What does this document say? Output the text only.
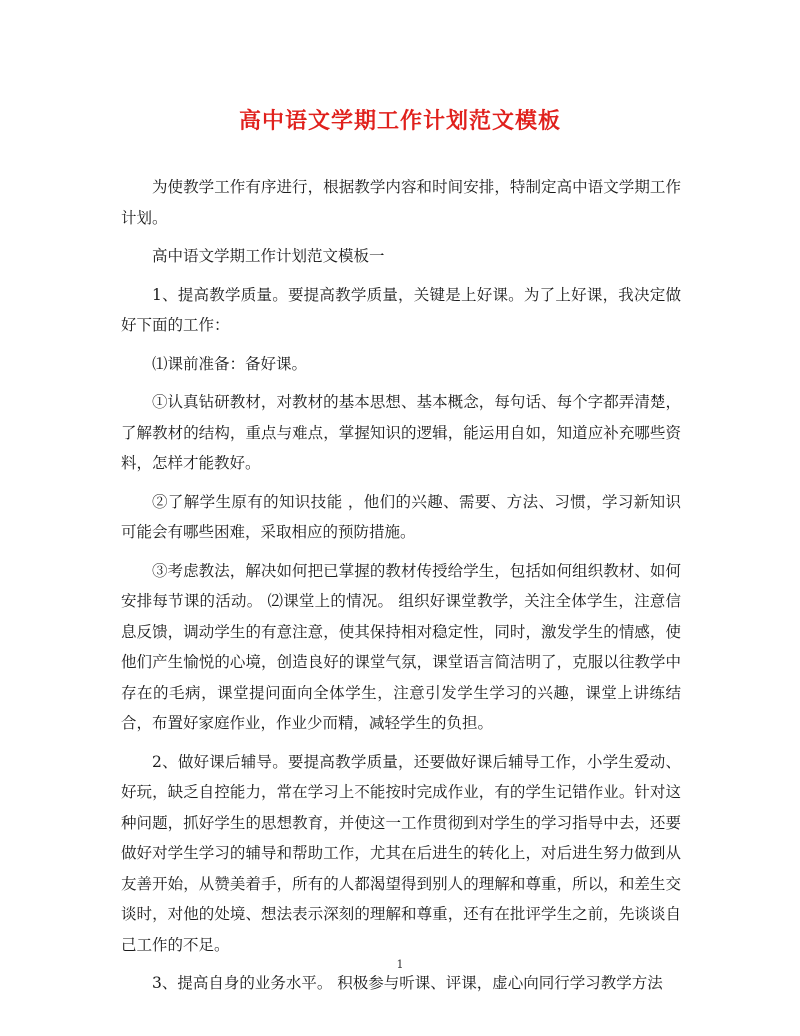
高中语文学期工作计划范文模板

为使教学工作有序进行，根据教学内容和时间安排，特制定高中语文学期工作计划。

高中语文学期工作计划范文模板一

1、提高教学质量。要提高教学质量，关键是上好课。为了上好课，我决定做好下面的工作：

⑴课前准备：备好课。

①认真钻研教材，对教材的基本思想、基本概念，每句话、每个字都弄清楚，了解教材的结构，重点与难点，掌握知识的逻辑，能运用自如，知道应补充哪些资料，怎样才能教好。

②了解学生原有的知识技能 ，他们的兴趣、需要、方法、习惯，学习新知识可能会有哪些困难，采取相应的预防措施。

③考虑教法，解决如何把已掌握的教材传授给学生，包括如何组织教材、如何安排每节课的活动。 ⑵课堂上的情况。 组织好课堂教学，关注全体学生，注意信息反馈，调动学生的有意注意，使其保持相对稳定性，同时，激发学生的情感，使他们产生愉悦的心境，创造良好的课堂气氛，课堂语言简洁明了，克服以往教学中存在的毛病，课堂提问面向全体学生，注意引发学生学习的兴趣，课堂上讲练结合，布置好家庭作业，作业少而精，减轻学生的负担。

2、做好课后辅导。要提高教学质量，还要做好课后辅导工作，小学生爱动、好玩，缺乏自控能力，常在学习上不能按时完成作业，有的学生记错作业。针对这种问题，抓好学生的思想教育，并使这一工作贯彻到对学生的学习指导中去，还要做好对学生学习的辅导和帮助工作，尤其在后进生的转化上，对后进生努力做到从友善开始，从赞美着手，所有的人都渴望得到别人的理解和尊重，所以，和差生交谈时，对他的处境、想法表示深刻的理解和尊重，还有在批评学生之前，先谈谈自己工作的不足。

3、提高自身的业务水平。 积极参与听课、评课，虚心向同行学习教学方法

1
